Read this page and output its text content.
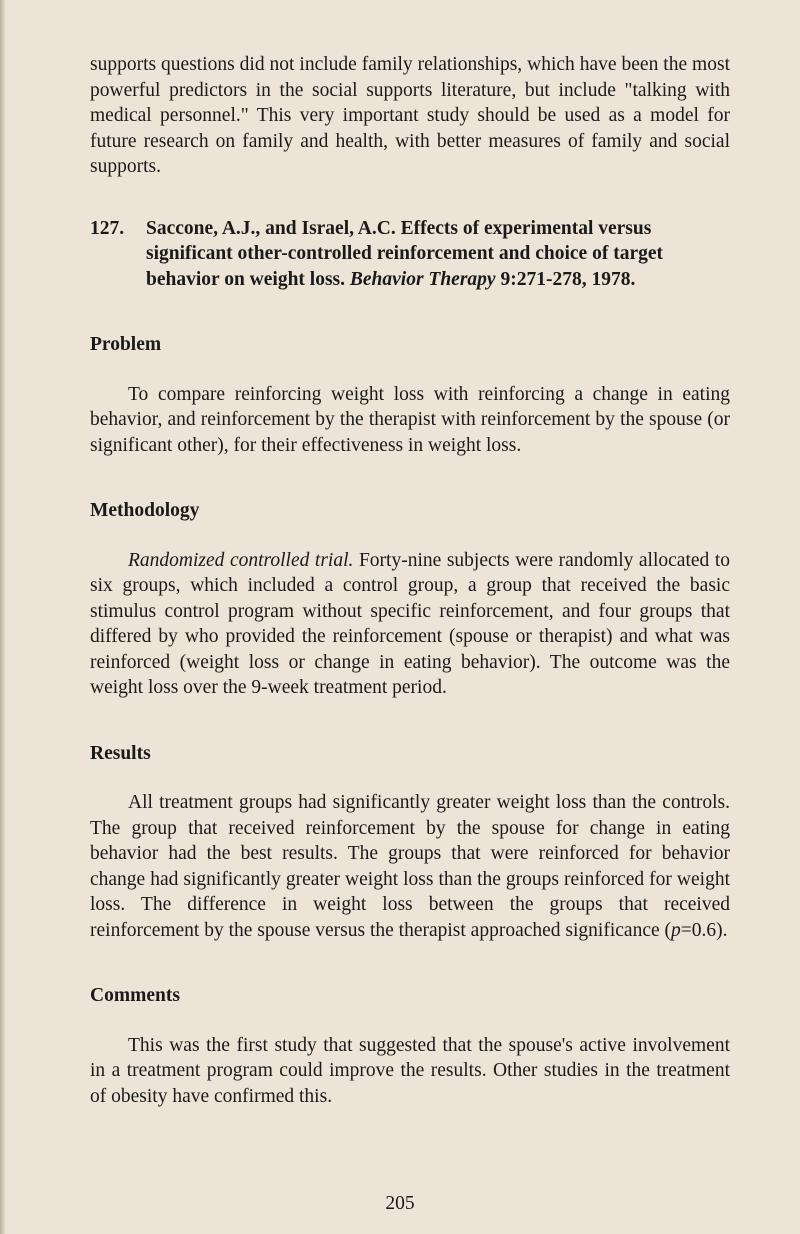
supports questions did not include family relationships, which have been the most powerful predictors in the social supports literature, but include "talking with medical personnel." This very important study should be used as a model for future research on family and health, with better measures of family and social supports.

127.	Saccone, A.J., and Israel, A.C. Effects of experimental versus significant other-controlled reinforcement and choice of target behavior on weight loss. Behavior Therapy 9:271-278, 1978.
Problem

To compare reinforcing weight loss with reinforcing a change in eating behavior, and reinforcement by the therapist with reinforcement by the spouse (or significant other), for their effectiveness in weight loss.

Methodology

Randomized controlled trial. Forty-nine subjects were randomly allocated to six groups, which included a control group, a group that received the basic stimulus control program without specific reinforcement, and four groups that differed by who provided the reinforcement (spouse or therapist) and what was reinforced (weight loss or change in eating behavior). The outcome was the weight loss over the 9-week treatment period.

Results

All treatment groups had significantly greater weight loss than the controls. The group that received reinforcement by the spouse for change in eating behavior had the best results. The groups that were reinforced for behavior change had significantly greater weight loss than the groups reinforced for weight loss. The difference in weight loss between the groups that received reinforcement by the spouse versus the therapist approached significance (p=0.6).

Comments

This was the first study that suggested that the spouse's active involvement in a treatment program could improve the results. Other studies in the treatment of obesity have confirmed this.

205
